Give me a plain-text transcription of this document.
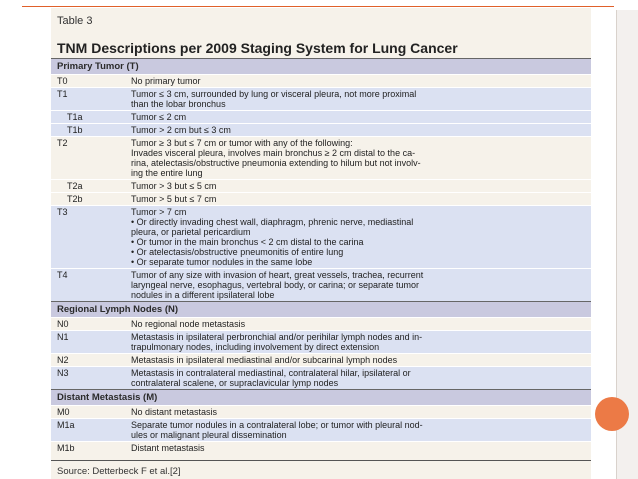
Table 3
TNM Descriptions per 2009 Staging System for Lung Cancer
Primary Tumor (T)
T0	No primary tumor
T1	Tumor ≤ 3 cm, surrounded by lung or visceral pleura, not more proximal
than the lobar bronchus
T1a	Tumor ≤ 2 cm
T1b	Tumor > 2 cm but ≤ 3 cm
T2	Tumor ≥ 3 but ≤ 7 cm or tumor with any of the following:
Invades visceral pleura, involves main bronchus ≥ 2 cm distal to the ca-
rina, atelectasis/obstructive pneumonia extending to hilum but not involv-
ing the entire lung
T2a	Tumor > 3 but ≤ 5 cm
T2b	Tumor > 5 but ≤ 7 cm
T3	Tumor > 7 cm
• Or directly invading chest wall, diaphragm, phrenic nerve, mediastinal
pleura, or parietal pericardium
• Or tumor in the main bronchus < 2 cm distal to the carina
• Or atelectasis/obstructive pneumonitis of entire lung
• Or separate tumor nodules in the same lobe
T4	Tumor of any size with invasion of heart, great vessels, trachea, recurrent
laryngeal nerve, esophagus, vertebral body, or carina; or separate tumor
nodules in a different ipsilateral lobe
Regional Lymph Nodes (N)
N0	No regional node metastasis
N1	Metastasis in ipsilateral perbronchial and/or perihilar lymph nodes and in-
trapulmonary nodes, including involvement by direct extension
N2	Metastasis in ipsilateral mediastinal and/or subcarinal lymph nodes
N3	Metastasis in contralateral mediastinal, contralateral hilar, ipsilateral or
contralateral scalene, or supraclavicular lymp nodes
Distant Metastasis (M)
M0	No distant metastasis
M1a	Separate tumor nodules in a contralateral lobe; or tumor with pleural nod-
ules or malignant pleural dissemination
M1b	Distant metastasis
Source: Detterbeck F et al.[2]
